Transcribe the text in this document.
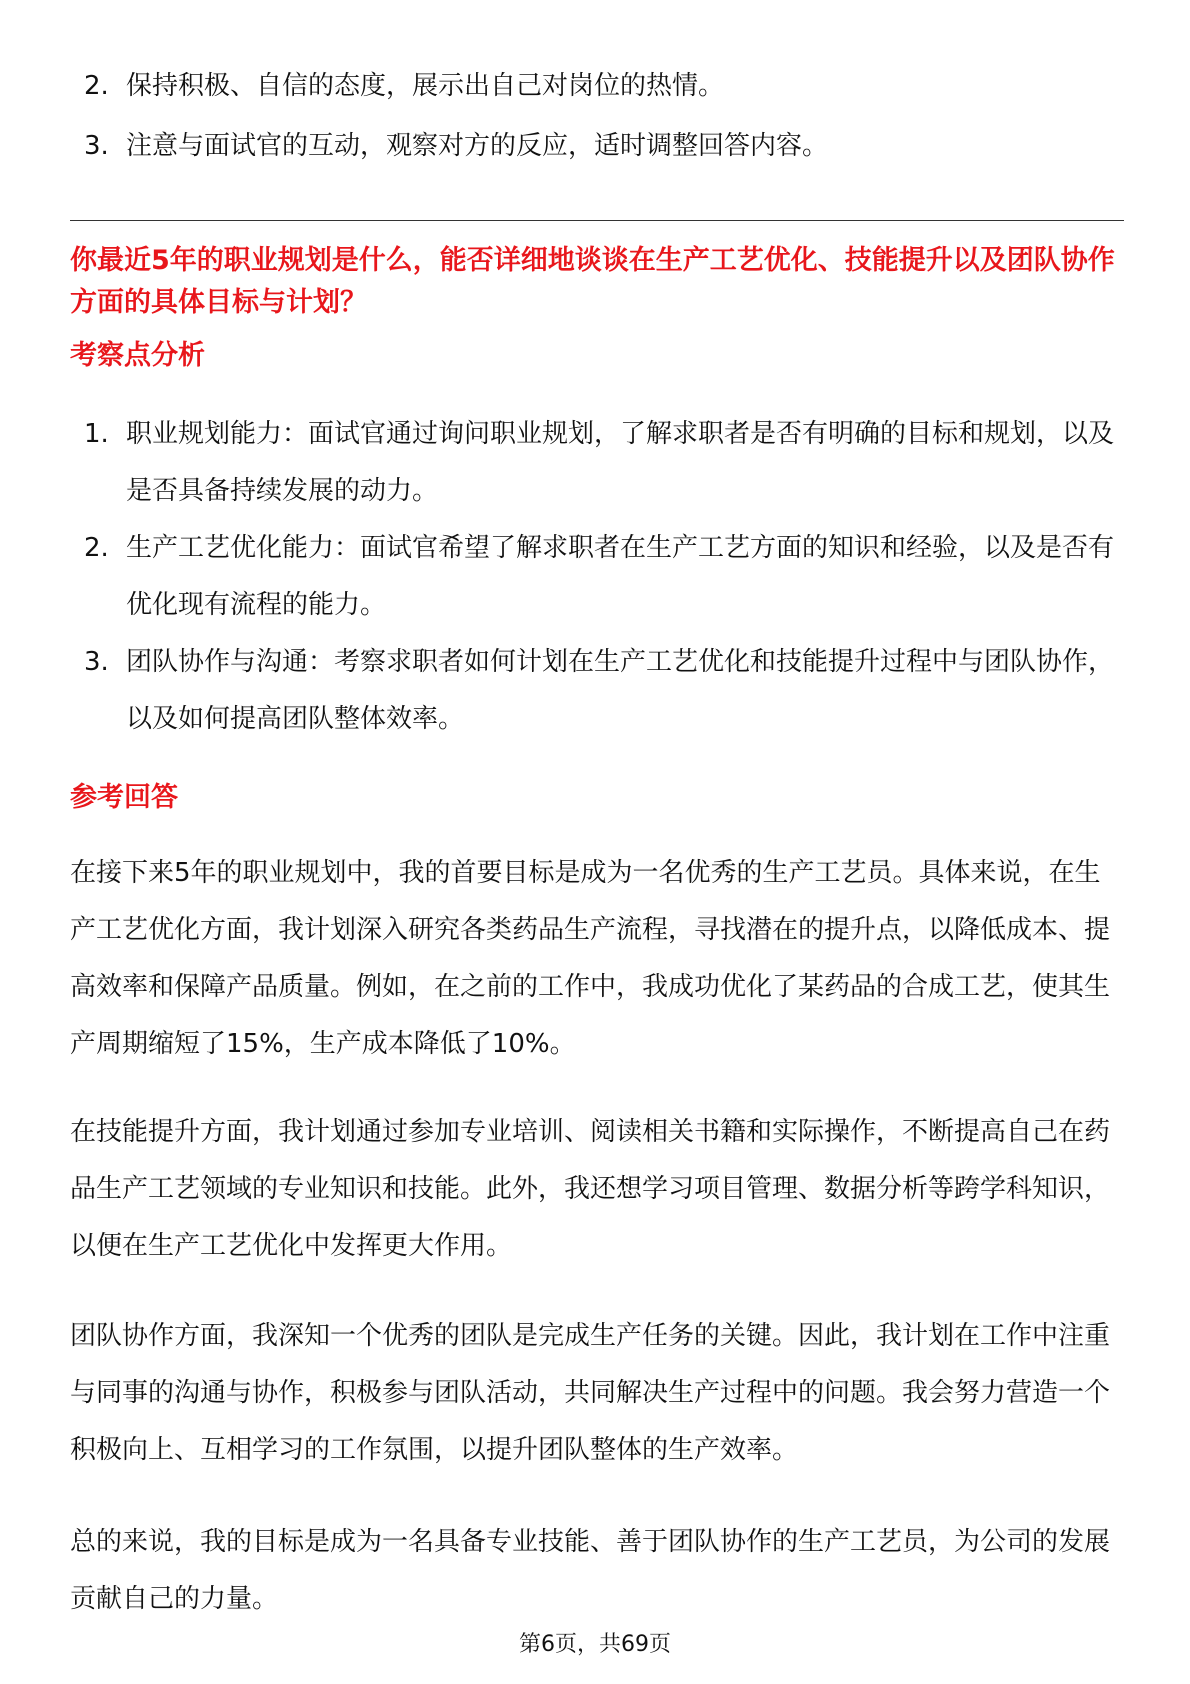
2. 保持积极、自信的态度，展示出自己对岗位的热情。
3. 注意与面试官的互动，观察对方的反应，适时调整回答内容。
你最近5年的职业规划是什么，能否详细地谈谈在生产工艺优化、技能提升以及团队协作方面的具体目标与计划？
考察点分析
1. 职业规划能力：面试官通过询问职业规划，了解求职者是否有明确的目标和规划，以及是否具备持续发展的动力。
2. 生产工艺优化能力：面试官希望了解求职者在生产工艺方面的知识和经验，以及是否有优化现有流程的能力。
3. 团队协作与沟通：考察求职者如何计划在生产工艺优化和技能提升过程中与团队协作，以及如何提高团队整体效率。
参考回答

在接下来5年的职业规划中，我的首要目标是成为一名优秀的生产工艺员。具体来说，在生产工艺优化方面，我计划深入研究各类药品生产流程，寻找潜在的提升点，以降低成本、提高效率和保障产品质量。例如，在之前的工作中，我成功优化了某药品的合成工艺，使其生产周期缩短了15%，生产成本降低了10%。

在技能提升方面，我计划通过参加专业培训、阅读相关书籍和实际操作，不断提高自己在药品生产工艺领域的专业知识和技能。此外，我还想学习项目管理、数据分析等跨学科知识，以便在生产工艺优化中发挥更大作用。

团队协作方面，我深知一个优秀的团队是完成生产任务的关键。因此，我计划在工作中注重与同事的沟通与协作，积极参与团队活动，共同解决生产过程中的问题。我会努力营造一个积极向上、互相学习的工作氛围，以提升团队整体的生产效率。

总的来说，我的目标是成为一名具备专业技能、善于团队协作的生产工艺员，为公司的发展贡献自己的力量。

第6页，共69页
